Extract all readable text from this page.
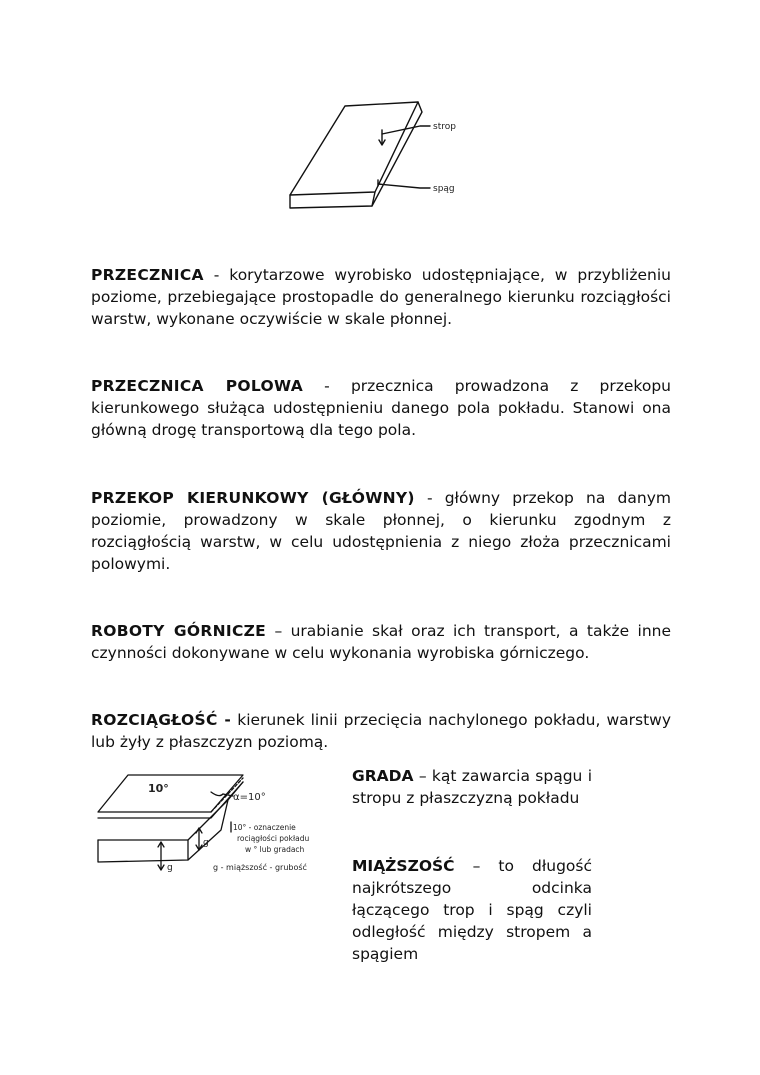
strop
spąg
PRZECZNICA - korytarzowe wyrobisko udostępniające, w przybliżeniu poziome, przebiegające prostopadle do generalnego kierunku rozciągłości warstw, wykonane oczywiście w skale płonnej.
PRZECZNICA POLOWA - przecznica prowadzona z przekopu kierunkowego służąca udostępnieniu danego pola pokładu. Stanowi ona główną drogę transportową dla tego pola.
PRZEKOP KIERUNKOWY (GŁÓWNY) - główny przekop na danym poziomie, prowadzony w skale płonnej, o kierunku zgodnym z rozciągłością warstw, w celu udostępnienia z niego złoża przecznicami polowymi.
ROBOTY GÓRNICZE – urabianie skał oraz ich transport, a także inne czynności dokonywane w celu wykonania wyrobiska górniczego.
ROZCIĄGŁOŚĆ - kierunek linii przecięcia nachylonego pokładu, warstwy lub żyły z płaszczyzn poziomą.
10°
α=10°
10° - oznaczenie
rociągłości pokładu
w ° lub gradach
g
g	g - miąższość - grubość
GRADA – kąt zawarcia spągu i stropu z płaszczyzną pokładu
MIĄŻSZOŚĆ – to długość najkrótszego odcinka łączącego trop i spąg czyli odległość między stropem a spągiem
